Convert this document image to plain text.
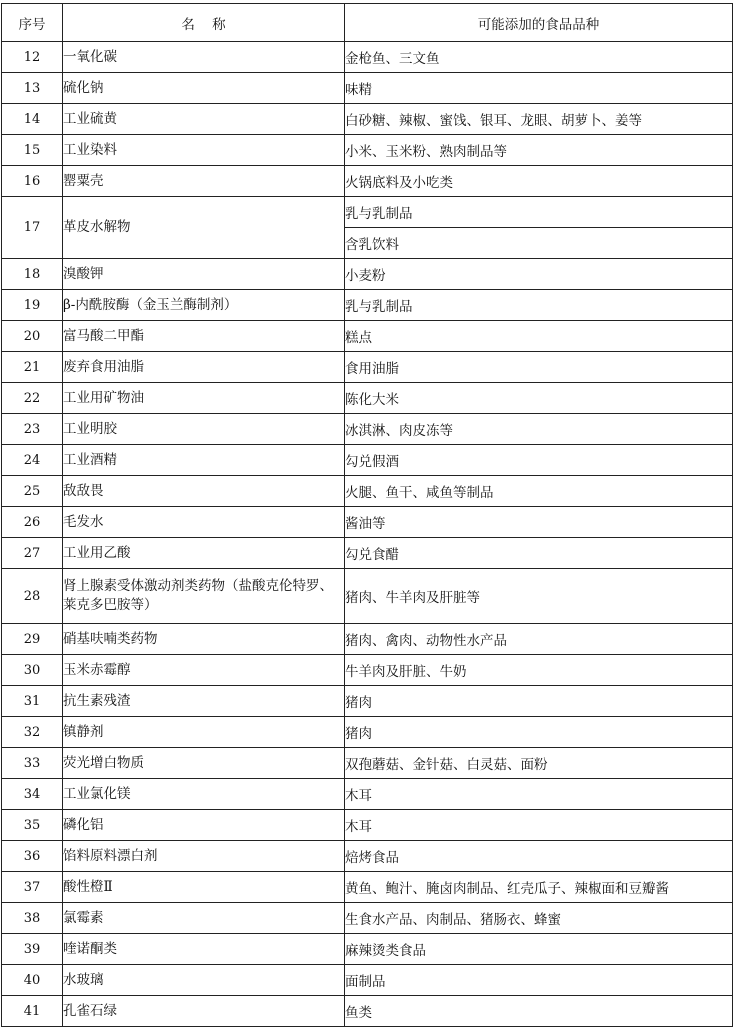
序号	名    称	可能添加的食品品种
12	一氧化碳	金枪鱼、三文鱼
13	硫化钠	味精
14	工业硫黄	白砂糖、辣椒、蜜饯、银耳、龙眼、胡萝卜、姜等
15	工业染料	小米、玉米粉、熟肉制品等
16	罂粟壳	火锅底料及小吃类
17	革皮水解物	乳与乳制品
		含乳饮料
18	溴酸钾	小麦粉
19	β-内酰胺酶（金玉兰酶制剂）	乳与乳制品
20	富马酸二甲酯	糕点
21	废弃食用油脂	食用油脂
22	工业用矿物油	陈化大米
23	工业明胶	冰淇淋、肉皮冻等
24	工业酒精	勾兑假酒
25	敌敌畏	火腿、鱼干、咸鱼等制品
26	毛发水	酱油等
27	工业用乙酸	勾兑食醋
28	肾上腺素受体激动剂类药物（盐酸克伦特罗、莱克多巴胺等）	猪肉、牛羊肉及肝脏等
29	硝基呋喃类药物	猪肉、禽肉、动物性水产品
30	玉米赤霉醇	牛羊肉及肝脏、牛奶
31	抗生素残渣	猪肉
32	镇静剂	猪肉
33	荧光增白物质	双孢蘑菇、金针菇、白灵菇、面粉
34	工业氯化镁	木耳
35	磷化铝	木耳
36	馅料原料漂白剂	焙烤食品
37	酸性橙Ⅱ	黄鱼、鲍汁、腌卤肉制品、红壳瓜子、辣椒面和豆瓣酱
38	氯霉素	生食水产品、肉制品、猪肠衣、蜂蜜
39	喹诺酮类	麻辣烫类食品
40	水玻璃	面制品
41	孔雀石绿	鱼类
